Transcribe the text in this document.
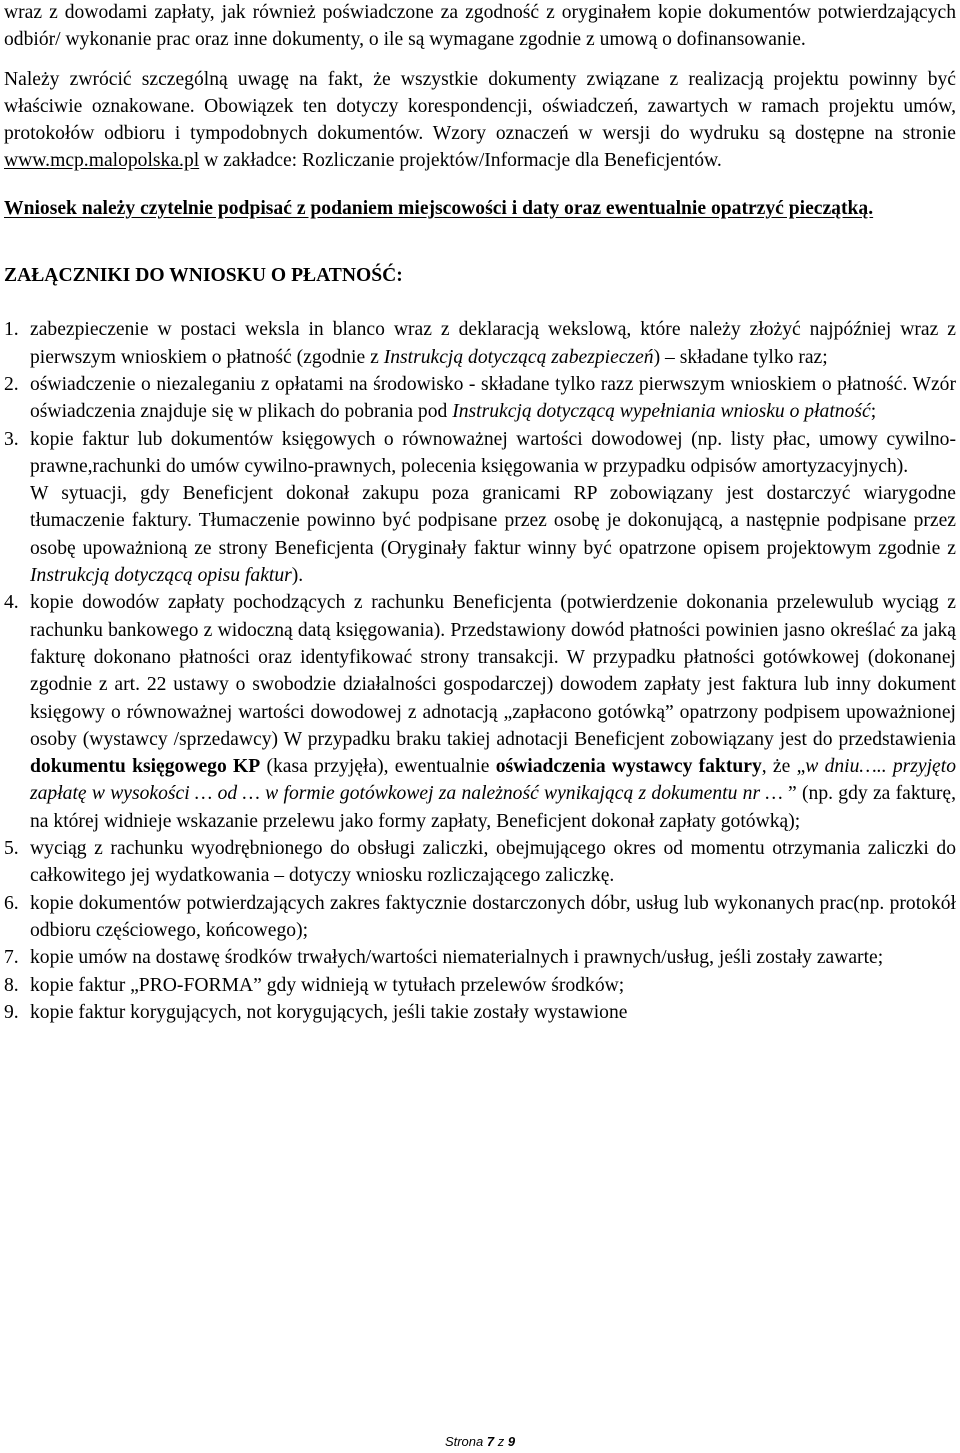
wraz z dowodami zapłaty, jak również poświadczone za zgodność z oryginałem kopie dokumentów potwierdzających odbiór/ wykonanie prac oraz inne dokumenty, o ile są wymagane zgodnie z umową o dofinansowanie.

Należy zwrócić szczególną uwagę na fakt, że wszystkie dokumenty związane z realizacją projektu powinny być właściwie oznakowane. Obowiązek ten dotyczy korespondencji, oświadczeń, zawartych w ramach projektu umów, protokołów odbioru i tympodobnych dokumentów. Wzory oznaczeń w wersji do wydruku są dostępne na stronie www.mcp.malopolska.pl w zakładce: Rozliczanie projektów/Informacje dla Beneficjentów.

Wniosek należy czytelnie podpisać z podaniem miejscowości i daty oraz ewentualnie opatrzyć pieczątką.

ZAŁĄCZNIKI DO WNIOSKU O PŁATNOŚĆ:
1. zabezpieczenie w postaci weksla in blanco wraz z deklaracją wekslową, które należy złożyć najpóźniej wraz z pierwszym wnioskiem o płatność (zgodnie z Instrukcją dotyczącą zabezpieczeń) – składane tylko raz;
2. oświadczenie o niezaleganiu z opłatami na środowisko - składane tylko razz pierwszym wnioskiem o płatność. Wzór oświadczenia znajduje się w plikach do pobrania pod Instrukcją dotyczącą wypełniania wniosku o płatność;
3. kopie faktur lub dokumentów księgowych o równoważnej wartości dowodowej (np. listy płac, umowy cywilno-prawne,rachunki do umów cywilno-prawnych, polecenia księgowania w przypadku odpisów amortyzacyjnych).
W sytuacji, gdy Beneficjent dokonał zakupu poza granicami RP zobowiązany jest dostarczyć wiarygodne tłumaczenie faktury. Tłumaczenie powinno być podpisane przez osobę je dokonującą, a następnie podpisane przez osobę upoważnioną ze strony Beneficjenta (Oryginały faktur winny być opatrzone opisem projektowym zgodnie z Instrukcją dotyczącą opisu faktur).
4. kopie dowodów zapłaty pochodzących z rachunku Beneficjenta (potwierdzenie dokonania przelewulub wyciąg z rachunku bankowego z widoczną datą księgowania). Przedstawiony dowód płatności powinien jasno określać za jaką fakturę dokonano płatności oraz identyfikować strony transakcji. W przypadku płatności gotówkowej (dokonanej zgodnie z art. 22 ustawy o swobodzie działalności gospodarczej) dowodem zapłaty jest faktura lub inny dokument księgowy o równoważnej wartości dowodowej z adnotacją „zapłacono gotówką” opatrzony podpisem upoważnionej osoby (wystawcy /sprzedawcy) W przypadku braku takiej adnotacji Beneficjent zobowiązany jest do przedstawienia dokumentu księgowego KP (kasa przyjęła), ewentualnie oświadczenia wystawcy faktury, że „w dniu….. przyjęto zapłatę w wysokości … od … w formie gotówkowej za należność wynikającą z dokumentu nr … ” (np. gdy za fakturę, na której widnieje wskazanie przelewu jako formy zapłaty, Beneficjent dokonał zapłaty gotówką);
5. wyciąg z rachunku wyodrębnionego do obsługi zaliczki, obejmującego okres od momentu otrzymania zaliczki do całkowitego jej wydatkowania – dotyczy wniosku rozliczającego zaliczkę.
6. kopie dokumentów potwierdzających zakres faktycznie dostarczonych dóbr, usług lub wykonanych prac(np. protokół odbioru częściowego, końcowego);
7. kopie umów na dostawę środków trwałych/wartości niematerialnych i prawnych/usług, jeśli zostały zawarte;
8. kopie faktur „PRO-FORMA” gdy widnieją w tytułach przelewów środków;
9. kopie faktur korygujących, not korygujących, jeśli takie zostały wystawione
Strona 7 z 9
